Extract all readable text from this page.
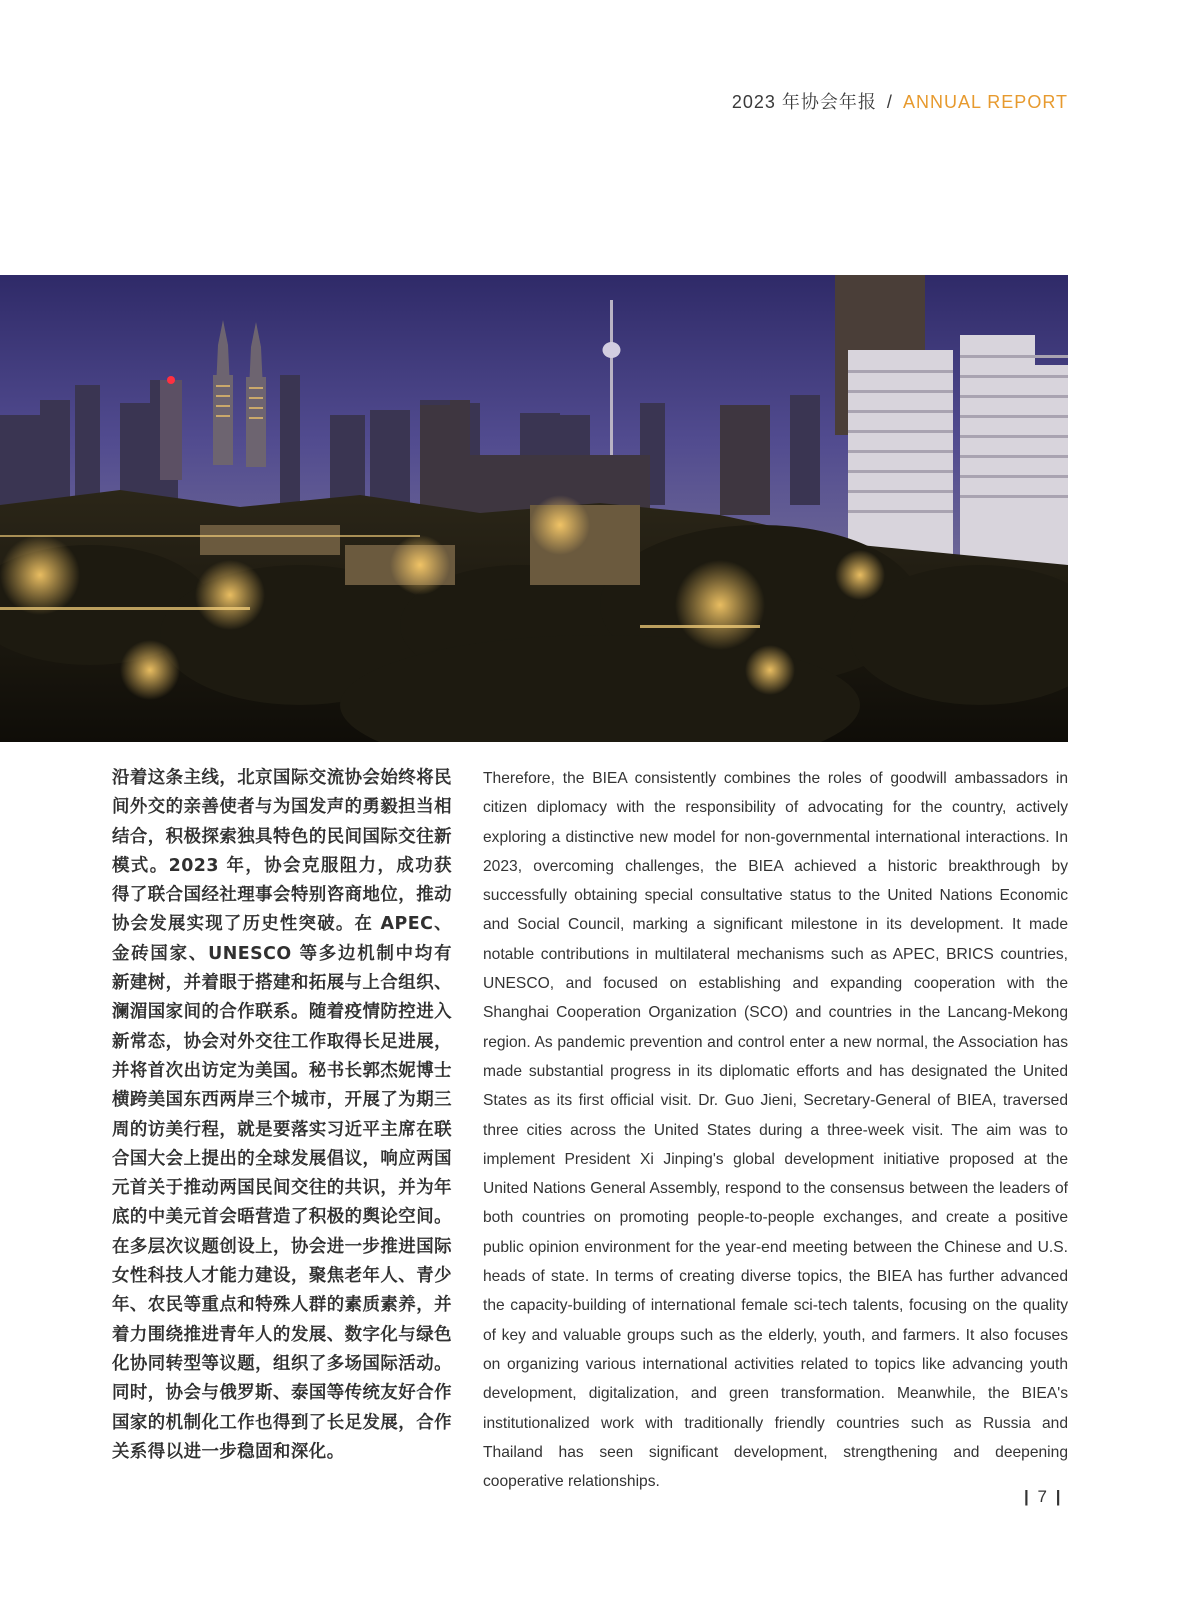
2023 年协会年报 / ANNUAL REPORT

沿着这条主线，北京国际交流协会始终将民间外交的亲善使者与为国发声的勇毅担当相结合，积极探索独具特色的民间国际交往新模式。2023 年，协会克服阻力，成功获得了联合国经社理事会特别咨商地位，推动协会发展实现了历史性突破。在 APEC、金砖国家、UNESCO 等多边机制中均有新建树，并着眼于搭建和拓展与上合组织、澜湄国家间的合作联系。随着疫情防控进入新常态，协会对外交往工作取得长足进展，并将首次出访定为美国。秘书长郭杰妮博士横跨美国东西两岸三个城市，开展了为期三周的访美行程，就是要落实习近平主席在联合国大会上提出的全球发展倡议，响应两国元首关于推动两国民间交往的共识，并为年底的中美元首会晤营造了积极的舆论空间。在多层次议题创设上，协会进一步推进国际女性科技人才能力建设，聚焦老年人、青少年、农民等重点和特殊人群的素质素养，并着力围绕推进青年人的发展、数字化与绿色化协同转型等议题，组织了多场国际活动。同时，协会与俄罗斯、泰国等传统友好合作国家的机制化工作也得到了长足发展，合作关系得以进一步稳固和深化。

Therefore, the BIEA consistently combines the roles of goodwill ambassadors in citizen diplomacy with the responsibility of advocating for the country, actively exploring a distinctive new model for non-governmental international interactions. In 2023, overcoming challenges, the BIEA achieved a historic breakthrough by successfully obtaining special consultative status to the United Nations Economic and Social Council, marking a significant milestone in its development. It made notable contributions in multilateral mechanisms such as APEC, BRICS countries, UNESCO, and focused on establishing and expanding cooperation with the Shanghai Cooperation Organization (SCO) and countries in the Lancang-Mekong region. As pandemic prevention and control enter a new normal, the Association has made substantial progress in its diplomatic efforts and has designated the United States as its first official visit. Dr. Guo Jieni, Secretary-General of BIEA, traversed three cities across the United States during a three-week visit. The aim was to implement President Xi Jinping's global development initiative proposed at the United Nations General Assembly, respond to the consensus between the leaders of both countries on promoting people-to-people exchanges, and create a positive public opinion environment for the year-end meeting between the Chinese and U.S. heads of state. In terms of creating diverse topics, the BIEA has further advanced the capacity-building of international female sci-tech talents, focusing on the quality of key and valuable groups such as the elderly, youth, and farmers. It also focuses on organizing various international activities related to topics like advancing youth development, digitalization, and green transformation. Meanwhile, the BIEA's institutionalized work with traditionally friendly countries such as Russia and Thailand has seen significant development, strengthening and deepening cooperative relationships.

| 7 |
